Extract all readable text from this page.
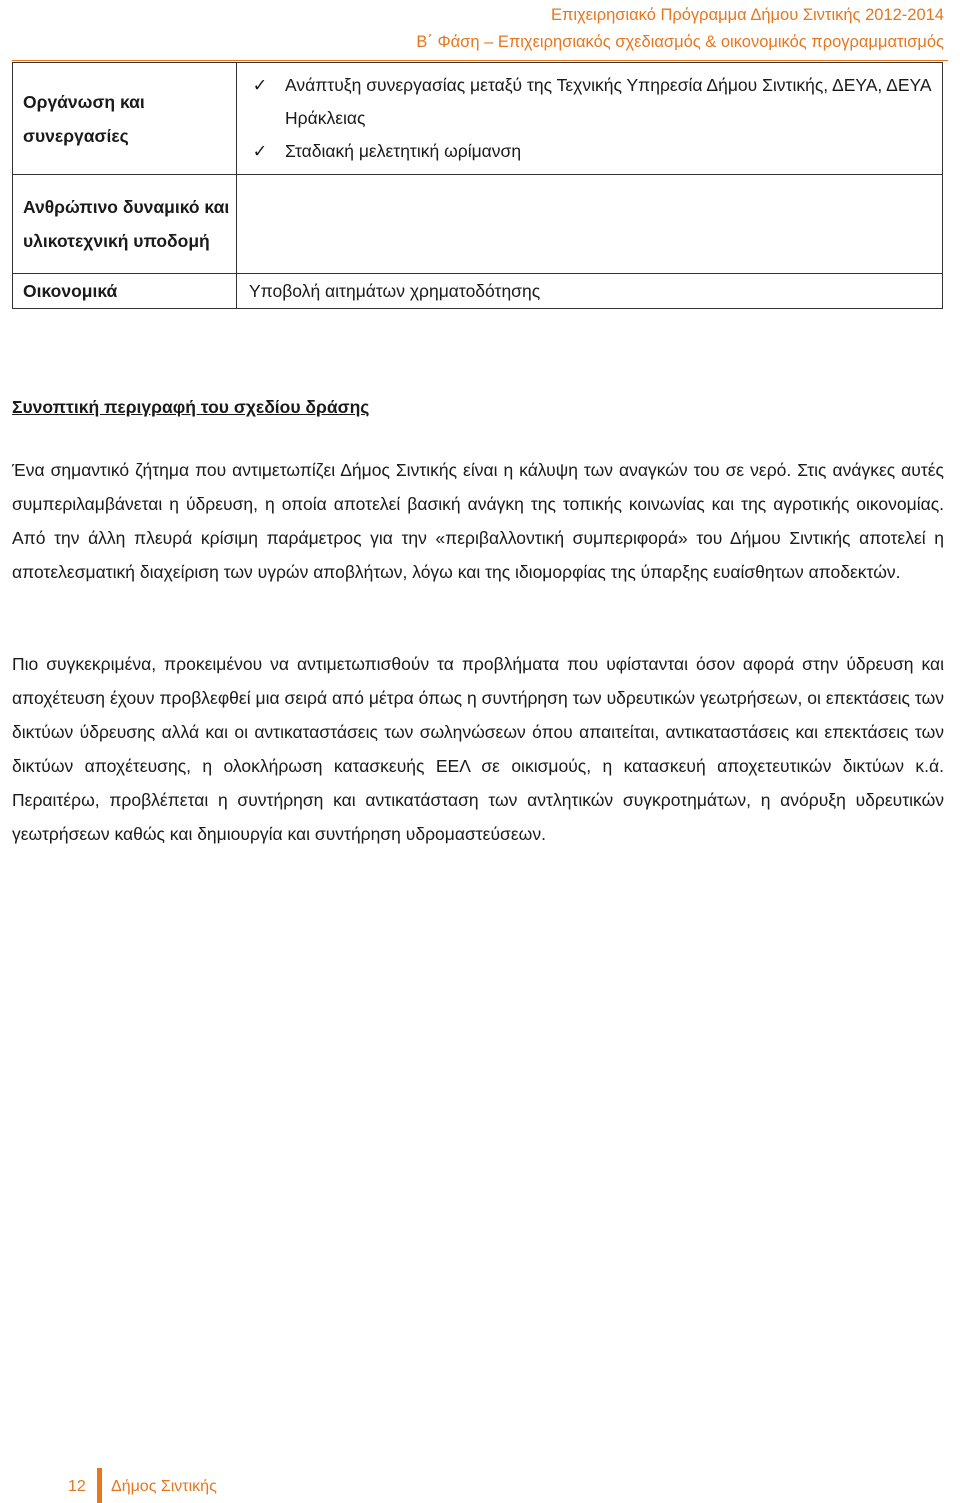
Επιχειρησιακό Πρόγραμμα Δήμου Σιντικής 2012-2014
Β΄ Φάση – Επιχειρησιακός σχεδιασμός & οικονομικός προγραμματισμός
Οργάνωση και συνεργασίες	✓ Ανάπτυξη συνεργασίας μεταξύ της Τεχνικής Υπηρεσία Δήμου Σιντικής, ΔΕΥΑ, ΔΕΥΑ Ηράκλειας
✓ Σταδιακή μελετητική ωρίμανση

Ανθρώπινο δυναμικό και υλικοτεχνική υποδομή	
Οικονομικά	Υποβολή αιτημάτων χρηματοδότησης
Συνοπτική περιγραφή του σχεδίου δράσης

Ένα σημαντικό ζήτημα που αντιμετωπίζει Δήμος Σιντικής είναι η κάλυψη των αναγκών του σε νερό. Στις ανάγκες αυτές συμπεριλαμβάνεται η ύδρευση, η οποία αποτελεί βασική ανάγκη της τοπικής κοινωνίας και της αγροτικής οικονομίας. Από την άλλη πλευρά κρίσιμη παράμετρος για την «περιβαλλοντική συμπεριφορά» του Δήμου Σιντικής αποτελεί η αποτελεσματική διαχείριση των υγρών αποβλήτων, λόγω και της ιδιομορφίας της ύπαρξης ευαίσθητων αποδεκτών.

Πιο συγκεκριμένα, προκειμένου να αντιμετωπισθούν τα προβλήματα που υφίστανται όσον αφορά στην ύδρευση και αποχέτευση έχουν προβλεφθεί μια σειρά από μέτρα όπως η συντήρηση των υδρευτικών γεωτρήσεων, οι επεκτάσεις των δικτύων ύδρευσης αλλά και οι αντικαταστάσεις των σωληνώσεων όπου απαιτείται, αντικαταστάσεις και επεκτάσεις των δικτύων αποχέτευσης, η ολοκλήρωση κατασκευής ΕΕΛ σε οικισμούς, η κατασκευή αποχετευτικών δικτύων κ.ά. Περαιτέρω, προβλέπεται η συντήρηση και αντικατάσταση των αντλητικών συγκροτημάτων, η ανόρυξη υδρευτικών γεωτρήσεων καθώς και δημιουργία και συντήρηση υδρομαστεύσεων.

12 Δήμος Σιντικής
